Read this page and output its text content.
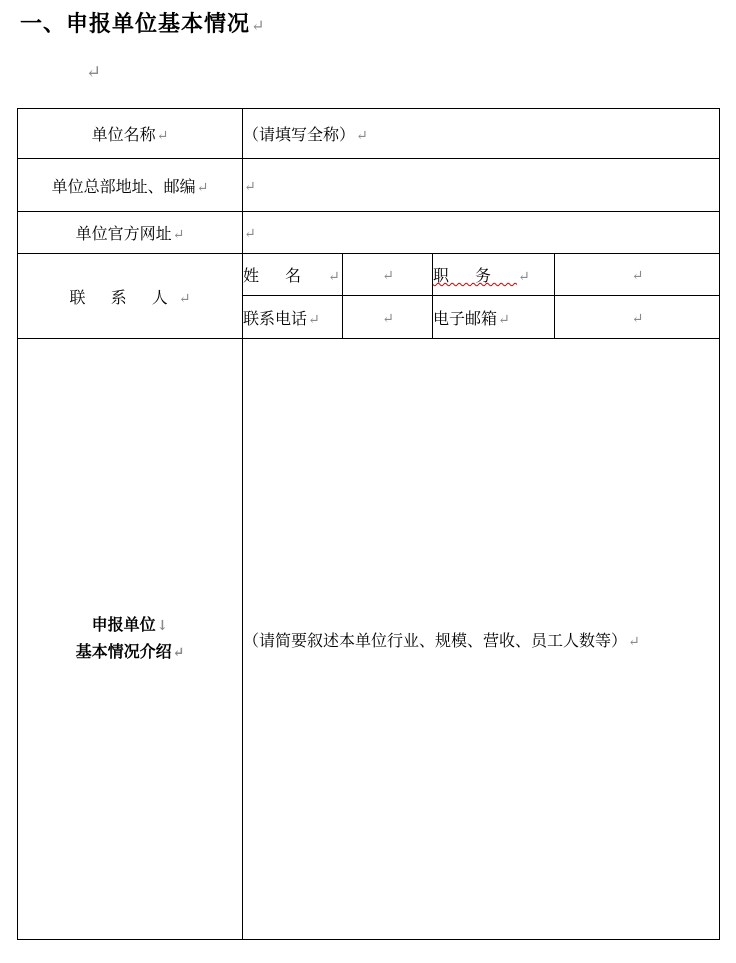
一、申报单位基本情况↵
↵
单位名称↵	（请填写全称）↵			
单位总部地址、邮编↵	↵			
单位官方网址↵	↵			
联 系 人↵	姓名↵	↵	职务↵	↵
	联系电话↵	↵	电子邮箱↵	↵

申报单位↓
基本情况介绍↵	（请简要叙述本单位行业、规模、营收、员工人数等）↵			
